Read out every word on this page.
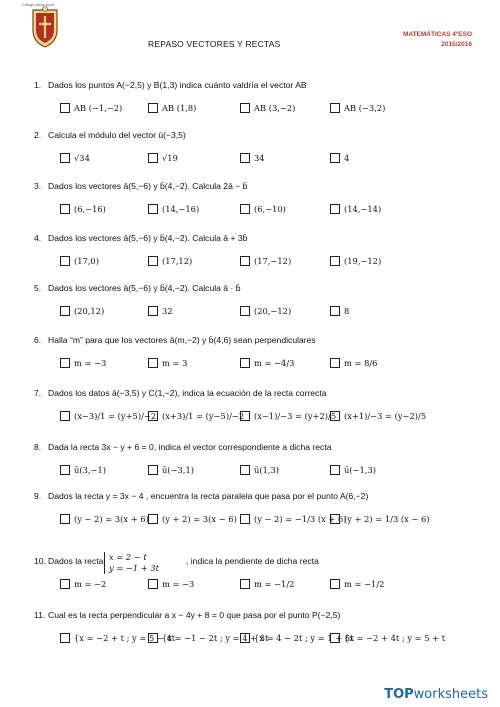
Colegio María Auxil
REPASO VECTORES Y RECTAS
MATEMÁTICAS 4ºESO
2015/2016
1. Dados los puntos A(−2,5) y B(1,3) indica cuánto valdría el vector AB
AB (−1,−2)	AB (1,8)	AB (3,−2)	AB (−3,2)
2. Calcula el módulo del vector ū(−3,5)
√34	√19	34	4
3. Dados los vectores ā(5,−6) y b̄(4,−2). Calcula 2ā − b̄
(6,−16)	(14,−16)	(6,−10)	(14,−14)
4. Dados los vectores ā(5,−6) y b̄(4,−2). Calcula ā + 3b̄
(17,0)	(17,12)	(17,−12)	(19,−12)
5. Dados los vectores ā(5,−6) y b̄(4,−2). Calcula ā · b̄
(20,12)	32	(20,−12)	8
6. Halla “m” para que los vectores ā(m,−2) y b̄(4,6) sean perpendiculares
m = −3	m = 3	m = −4/3	m = 8/6
7. Dados los datos ā(−3,5) y C(1,−2), indica la ecuación de la recta correcta
(x−3)/1 = (y+5)/−2 (x+3)/1 = (y−5)/−2 (x−1)/−3 = (y+2)/5 (x+1)/−3 = (y−2)/5
8. Dada la recta 3x − y + 6 = 0, indica el vector correspondiente a dicha recta
ū(3,−1)	ū(−3,1)	ū(1,3)	ū(−1,3)
9. Dados la recta y = 3x − 4 , encuentra la recta paralela que pasa por el punto A(6,−2)
(y − 2) = 3(x + 6) (y + 2) = 3(x − 6) (y − 2) = −1/3 (x + 6)
(y + 2) = 1/3 (x − 6)
10. Dados la recta
m = −2	m = −3	m = −1/2	m = −1/2
11. Cual es la recta perpendicular a x − 4y + 8 = 0 que pasa por el punto P(−2,5)
{x = −2 + t ; y = 5 − 4t
{x = −1 − 2t ; y = 4 + 5t
{x = 4 − 2t ; y = 1 + 5t
{x = −2 + 4t ; y = 5 + t
x = 2 − t
y = −1 + 3t
, indica la pendiente de dicha recta
TOPworksheets
